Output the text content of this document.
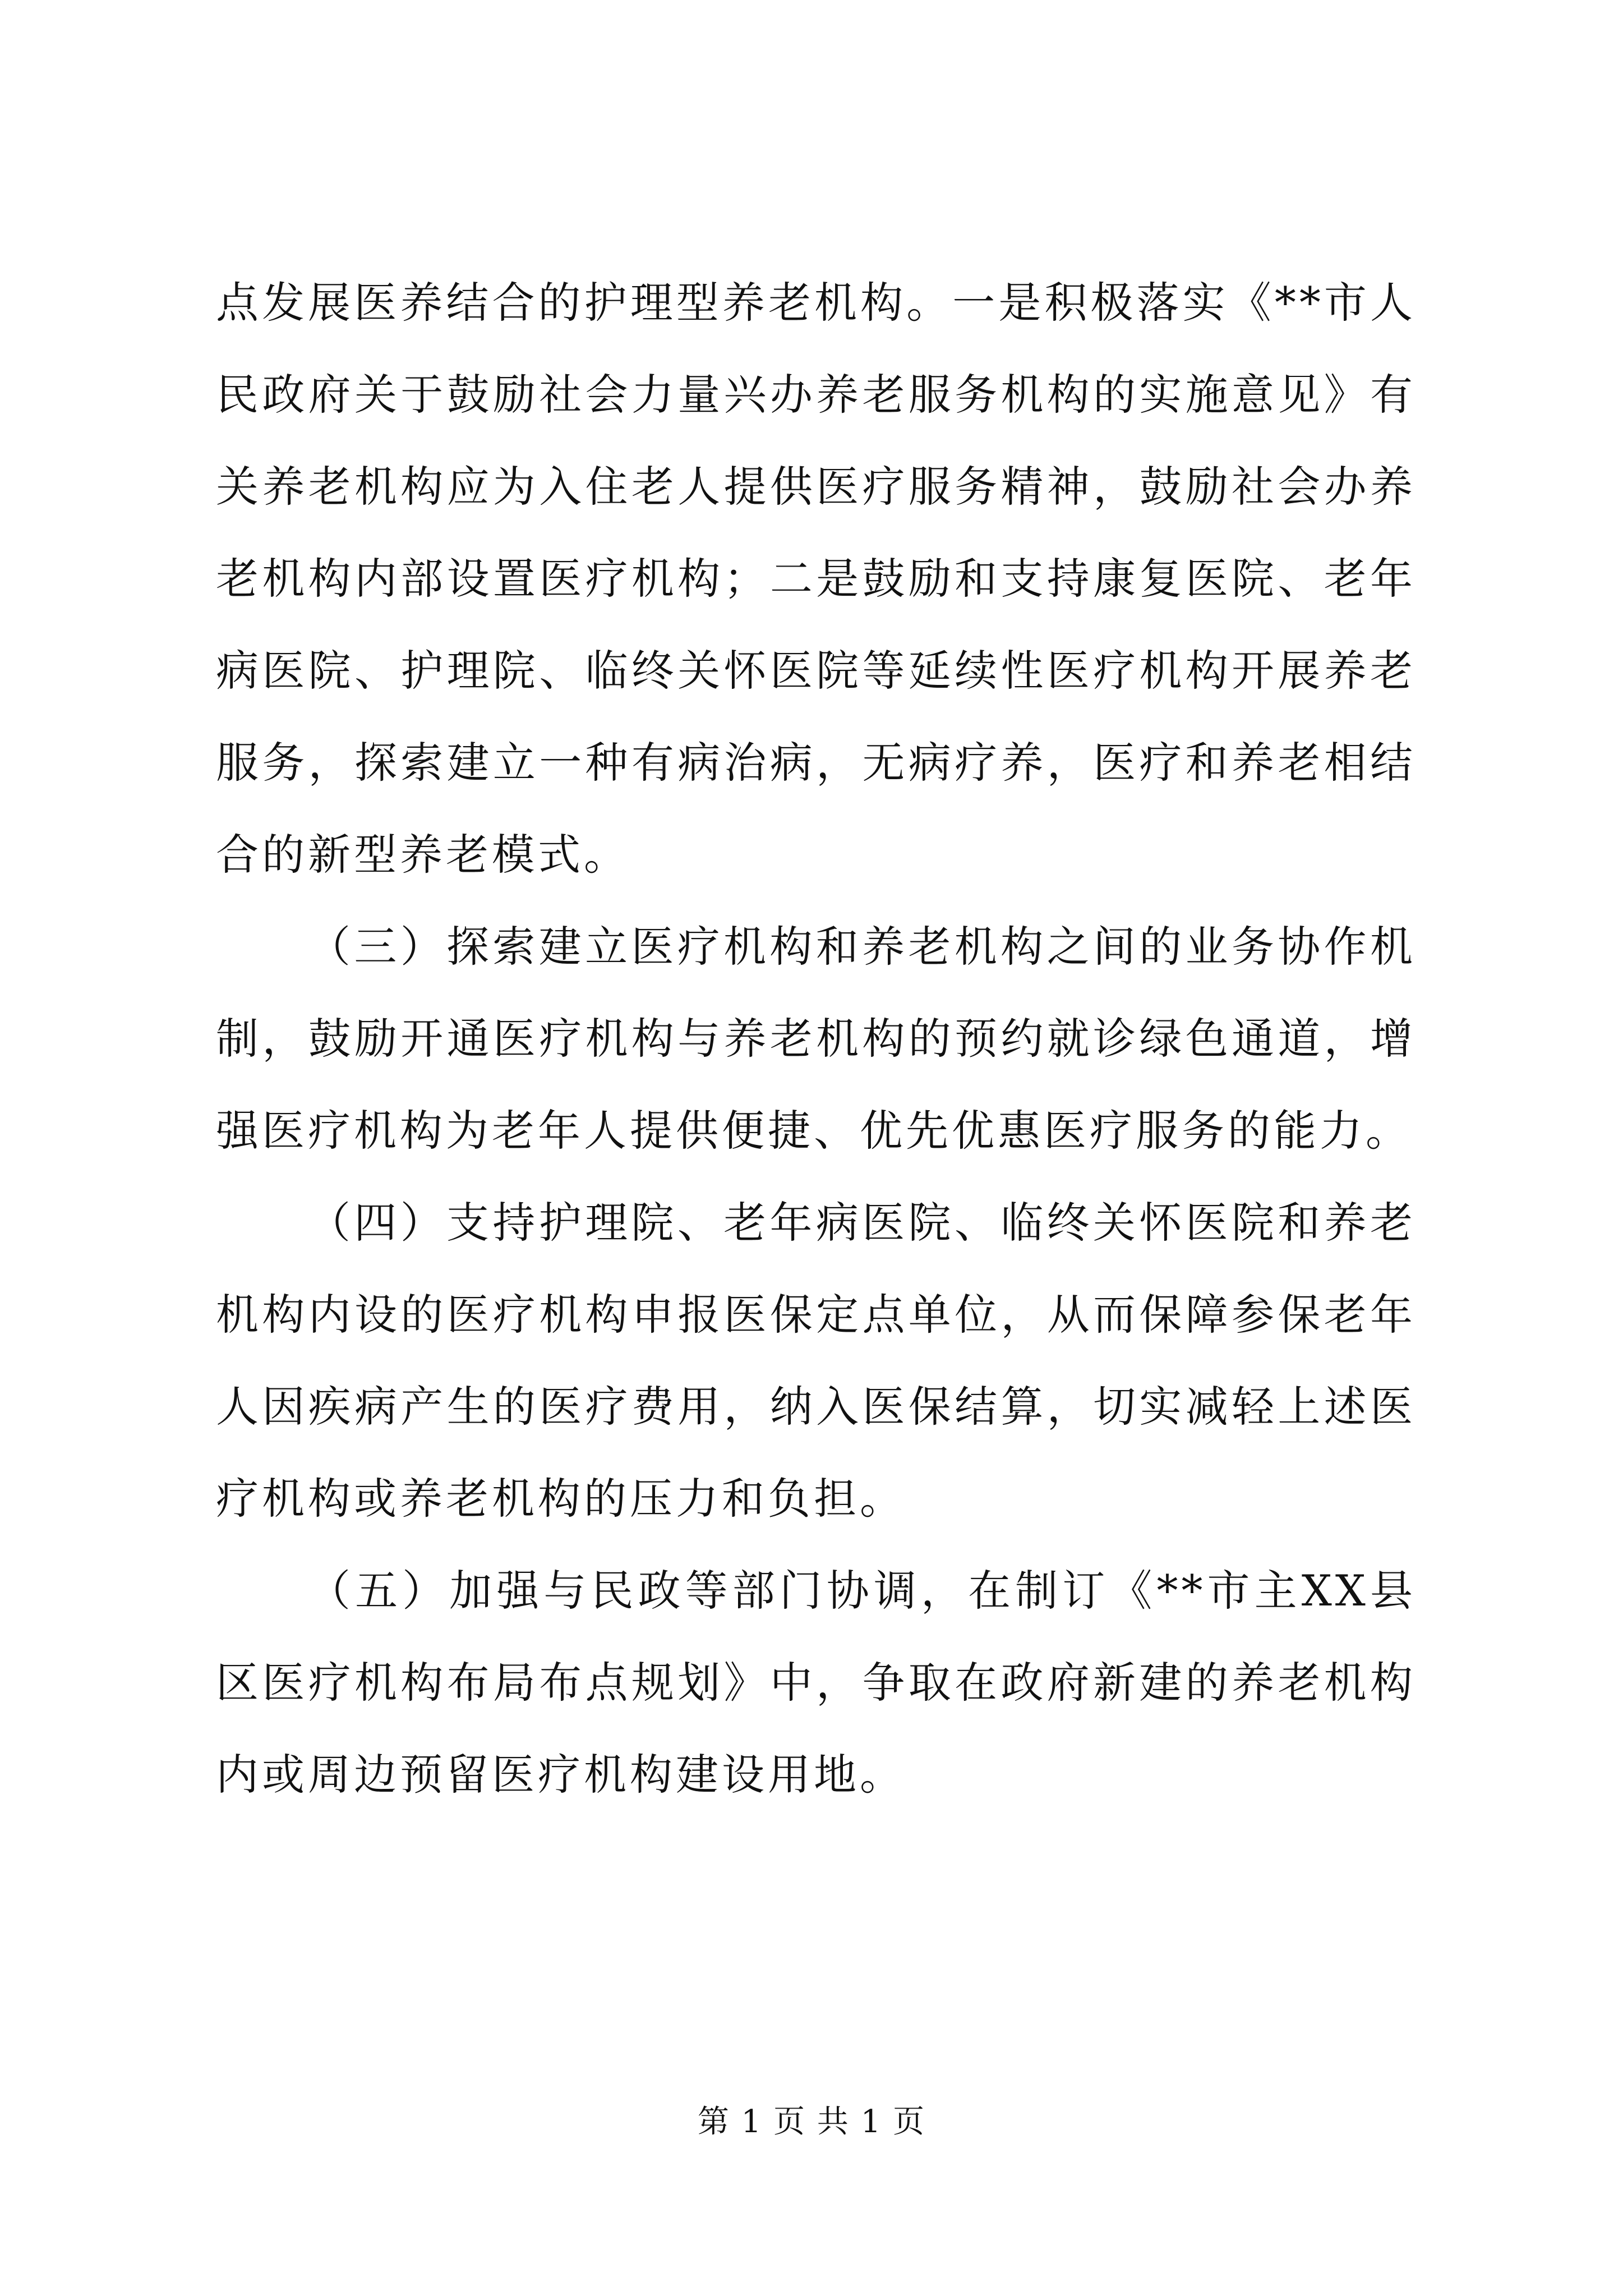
点发展医养结合的护理型养老机构。一是积极落实《**市人民政府关于鼓励社会力量兴办养老服务机构的实施意见》有关养老机构应为入住老人提供医疗服务精神，鼓励社会办养老机构内部设置医疗机构；二是鼓励和支持康复医院、老年病医院、护理院、临终关怀医院等延续性医疗机构开展养老服务，探索建立一种有病治病，无病疗养，医疗和养老相结合的新型养老模式。

（三）探索建立医疗机构和养老机构之间的业务协作机制，鼓励开通医疗机构与养老机构的预约就诊绿色通道，增强医疗机构为老年人提供便捷、优先优惠医疗服务的能力。

（四）支持护理院、老年病医院、临终关怀医院和养老机构内设的医疗机构申报医保定点单位，从而保障参保老年人因疾病产生的医疗费用，纳入医保结算，切实减轻上述医疗机构或养老机构的压力和负担。

（五）加强与民政等部门协调，在制订《**市主XX县区医疗机构布局布点规划》中，争取在政府新建的养老机构内或周边预留医疗机构建设用地。

第 1 页 共 1 页
